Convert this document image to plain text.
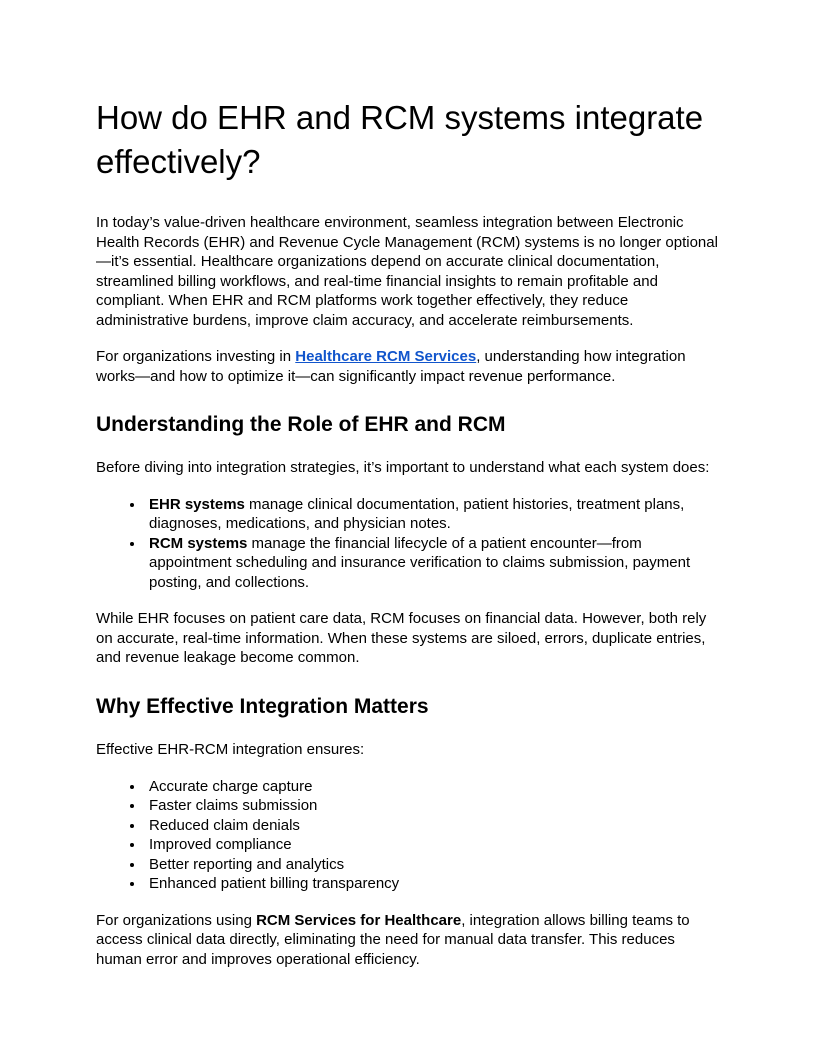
How do EHR and RCM systems integrate effectively?

In today’s value-driven healthcare environment, seamless integration between Electronic Health Records (EHR) and Revenue Cycle Management (RCM) systems is no longer optional—it’s essential. Healthcare organizations depend on accurate clinical documentation, streamlined billing workflows, and real-time financial insights to remain profitable and compliant. When EHR and RCM platforms work together effectively, they reduce administrative burdens, improve claim accuracy, and accelerate reimbursements.

For organizations investing in Healthcare RCM Services, understanding how integration works—and how to optimize it—can significantly impact revenue performance.

Understanding the Role of EHR and RCM

Before diving into integration strategies, it’s important to understand what each system does:

• EHR systems manage clinical documentation, patient histories, treatment plans, diagnoses, medications, and physician notes.
• RCM systems manage the financial lifecycle of a patient encounter—from appointment scheduling and insurance verification to claims submission, payment posting, and collections.

While EHR focuses on patient care data, RCM focuses on financial data. However, both rely on accurate, real-time information. When these systems are siloed, errors, duplicate entries, and revenue leakage become common.

Why Effective Integration Matters

Effective EHR-RCM integration ensures:

• Accurate charge capture
• Faster claims submission
• Reduced claim denials
• Improved compliance
• Better reporting and analytics
• Enhanced patient billing transparency

For organizations using RCM Services for Healthcare, integration allows billing teams to access clinical data directly, eliminating the need for manual data transfer. This reduces human error and improves operational efficiency.
